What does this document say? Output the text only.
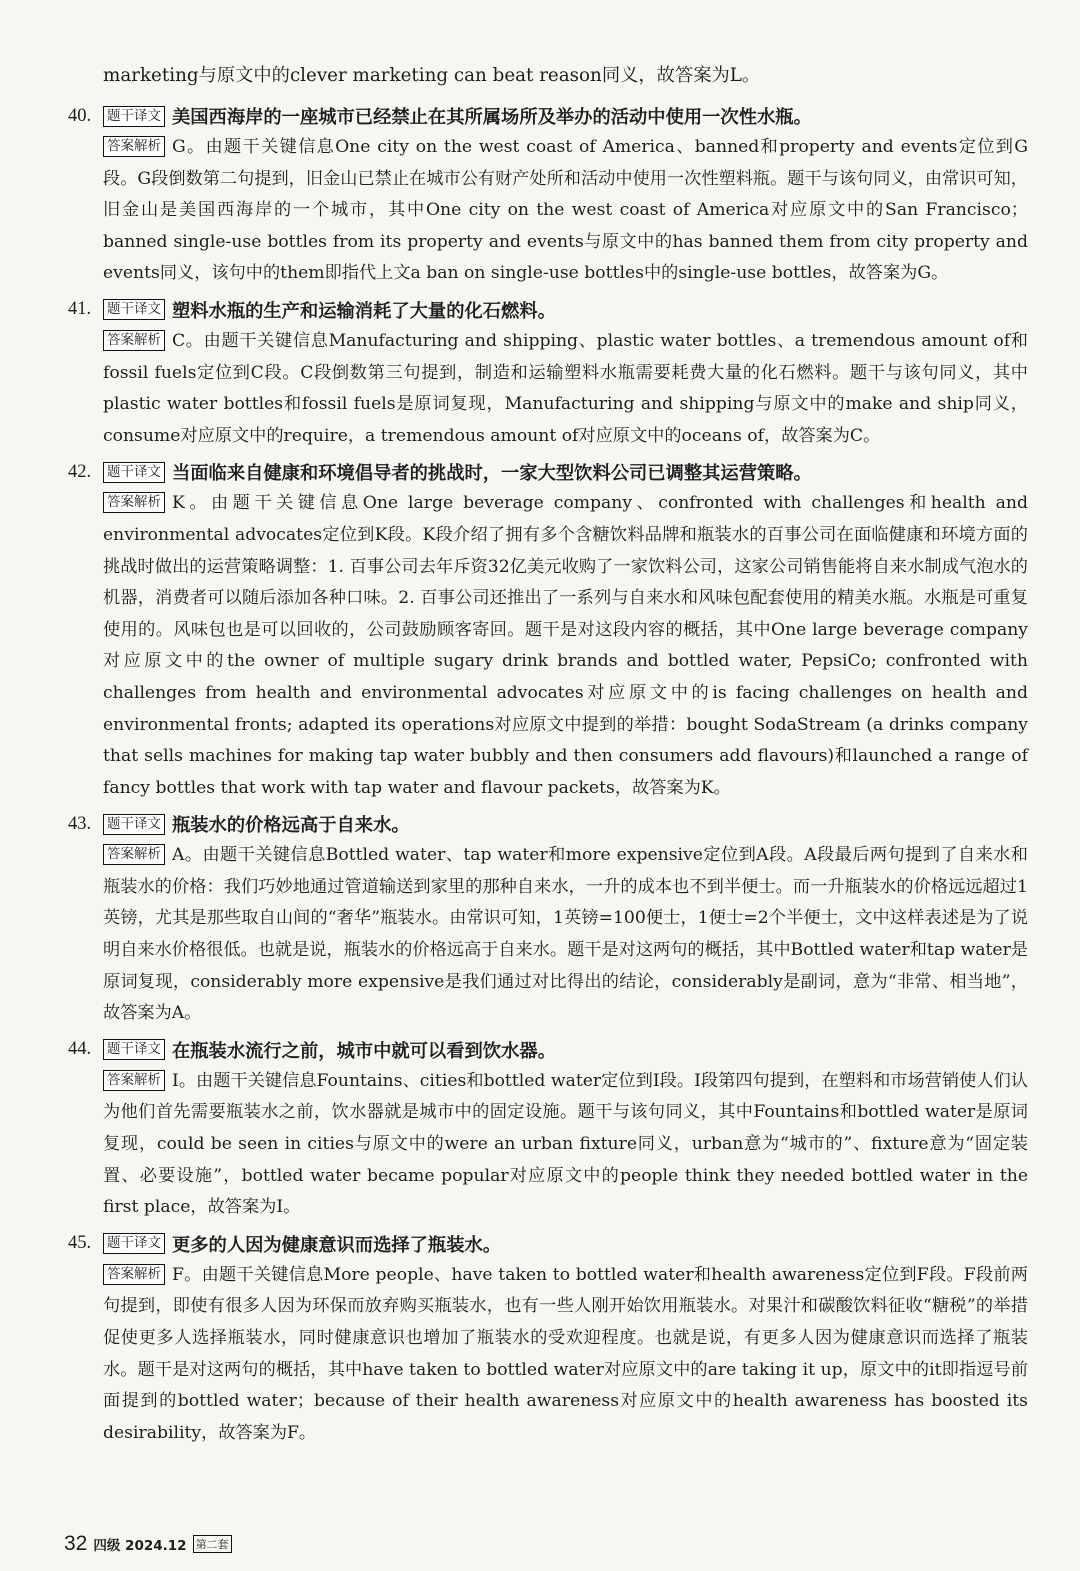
marketing与原文中的clever marketing can beat reason同义，故答案为L。

40.	题干译文 美国西海岸的一座城市已经禁止在其所属场所及举办的活动中使用一次性水瓶。
答案解析 G。由题干关键信息One city on the west coast of America、banned和property and events定位到G段。G段倒数第二句提到，旧金山已禁止在城市公有财产处所和活动中使用一次性塑料瓶。题干与该句同义，由常识可知，旧金山是美国西海岸的一个城市，其中One city on the west coast of America对应原文中的San Francisco；banned single-use bottles from its property and events与原文中的has banned them from city property and events同义，该句中的them即指代上文a ban on single-use bottles中的single-use bottles，故答案为G。
41.	题干译文 塑料水瓶的生产和运输消耗了大量的化石燃料。
答案解析 C。由题干关键信息Manufacturing and shipping、plastic water bottles、a tremendous amount of和fossil fuels定位到C段。C段倒数第三句提到，制造和运输塑料水瓶需要耗费大量的化石燃料。题干与该句同义，其中plastic water bottles和fossil fuels是原词复现，Manufacturing and shipping与原文中的make and ship同义，consume对应原文中的require，a tremendous amount of对应原文中的oceans of，故答案为C。
42.	题干译文 当面临来自健康和环境倡导者的挑战时，一家大型饮料公司已调整其运营策略。
答案解析 K。由题干关键信息One large beverage company、confronted with challenges和health and environmental advocates定位到K段。K段介绍了拥有多个含糖饮料品牌和瓶装水的百事公司在面临健康和环境方面的挑战时做出的运营策略调整：1. 百事公司去年斥资32亿美元收购了一家饮料公司，这家公司销售能将自来水制成气泡水的机器，消费者可以随后添加各种口味。2. 百事公司还推出了一系列与自来水和风味包配套使用的精美水瓶。水瓶是可重复使用的。风味包也是可以回收的，公司鼓励顾客寄回。题干是对这段内容的概括，其中One large beverage company对应原文中的the owner of multiple sugary drink brands and bottled water, PepsiCo; confronted with challenges from health and environmental advocates对应原文中的is facing challenges on health and environmental fronts; adapted its operations对应原文中提到的举措：bought SodaStream (a drinks company that sells machines for making tap water bubbly and then consumers add flavours)和launched a range of fancy bottles that work with tap water and flavour packets，故答案为K。
43.	题干译文 瓶装水的价格远高于自来水。
答案解析 A。由题干关键信息Bottled water、tap water和more expensive定位到A段。A段最后两句提到了自来水和瓶装水的价格：我们巧妙地通过管道输送到家里的那种自来水，一升的成本也不到半便士。而一升瓶装水的价格远远超过1英镑，尤其是那些取自山间的“奢华”瓶装水。由常识可知，1英镑=100便士，1便士=2个半便士，文中这样表述是为了说明自来水价格很低。也就是说，瓶装水的价格远高于自来水。题干是对这两句的概括，其中Bottled water和tap water是原词复现，considerably more expensive是我们通过对比得出的结论，considerably是副词，意为“非常、相当地”，故答案为A。
44.	题干译文 在瓶装水流行之前，城市中就可以看到饮水器。
答案解析 I。由题干关键信息Fountains、cities和bottled water定位到I段。I段第四句提到，在塑料和市场营销使人们认为他们首先需要瓶装水之前，饮水器就是城市中的固定设施。题干与该句同义，其中Fountains和bottled water是原词复现，could be seen in cities与原文中的were an urban fixture同义，urban意为“城市的”、fixture意为“固定装置、必要设施”，bottled water became popular对应原文中的people think they needed bottled water in the first place，故答案为I。
45.	题干译文 更多的人因为健康意识而选择了瓶装水。
答案解析 F。由题干关键信息More people、have taken to bottled water和health awareness定位到F段。F段前两句提到，即使有很多人因为环保而放弃购买瓶装水，也有一些人刚开始饮用瓶装水。对果汁和碳酸饮料征收“糖税”的举措促使更多人选择瓶装水，同时健康意识也增加了瓶装水的受欢迎程度。也就是说，有更多人因为健康意识而选择了瓶装水。题干是对这两句的概括，其中have taken to bottled water对应原文中的are taking it up，原文中的it即指逗号前面提到的bottled water；because of their health awareness对应原文中的health awareness has boosted its desirability，故答案为F。
32 四级 2024.12 第二套
